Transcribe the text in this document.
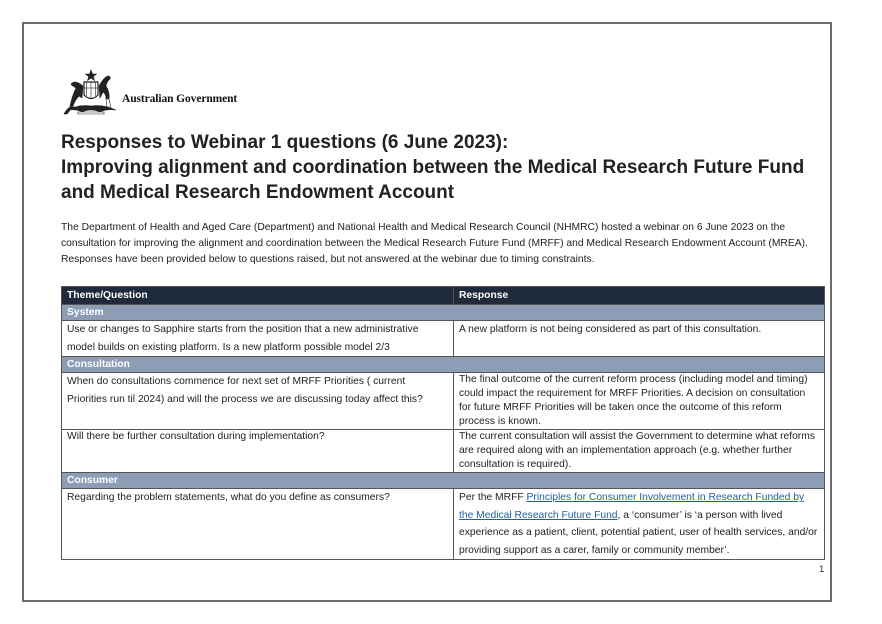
Australian Government
Responses to Webinar 1 questions (6 June 2023):
Improving alignment and coordination between the Medical Research Future Fund
and Medical Research Endowment Account

The Department of Health and Aged Care (Department) and National Health and Medical Research Council (NHMRC) hosted a webinar on 6 June 2023 on the consultation for improving the alignment and coordination between the Medical Research Future Fund (MRFF) and Medical Research Endowment Account (MREA). Responses have been provided below to questions raised, but not answered at the webinar due to timing constraints.

Theme/Question	Response
System	
Use or changes to Sapphire starts from the position that a new administrative model builds on existing platform. Is a new platform possible model 2/3	A new platform is not being considered as part of this consultation.
Consultation	
When do consultations commence for next set of MRFF Priorities ( current Priorities run til 2024) and will the process we are discussing today affect this?	The final outcome of the current reform process (including model and timing) could impact the requirement for MRFF Priorities. A decision on consultation for future MRFF Priorities will be taken once the outcome of this reform process is known.
Will there be further consultation during implementation?	The current consultation will assist the Government to determine what reforms are required along with an implementation approach (e.g. whether further consultation is required).
Consumer	
Regarding the problem statements, what do you define as consumers?	Per the MRFF Principles for Consumer Involvement in Research Funded by the Medical Research Future Fund, a ‘consumer’ is ‘a person with lived experience as a patient, client, potential patient, user of health services, and/or providing support as a carer, family or community member’.
1
